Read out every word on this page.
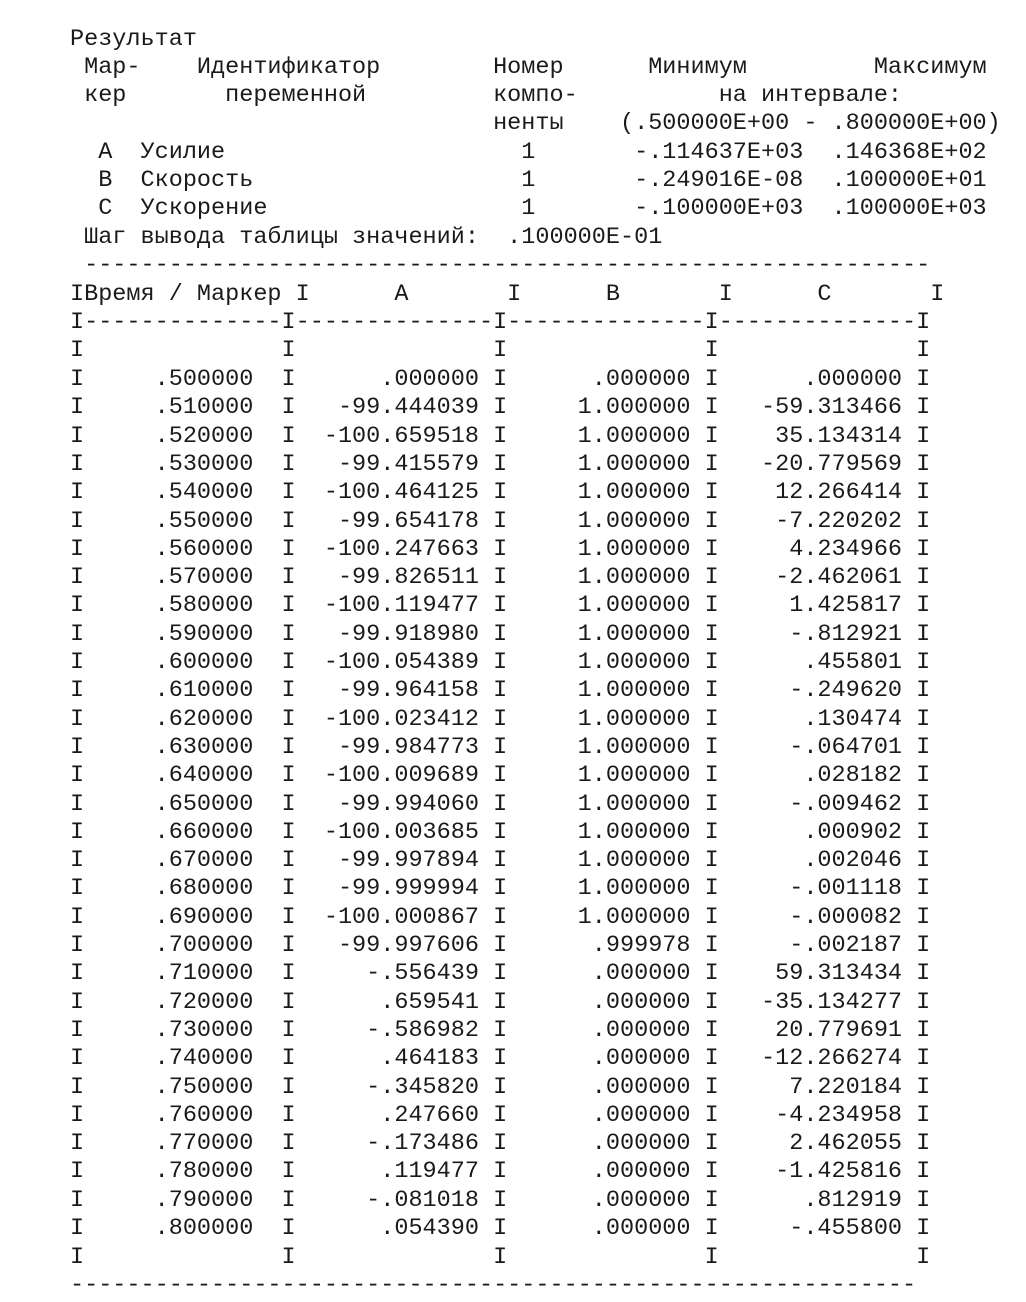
Результат
Мар-    Идентификатор        Номер      Минимум         Максимум
кер       переменной         компо-          на интервале:
ненты    (.500000E+00 - .800000E+00)
A  Усилие                     1       -.114637E+03  .146368E+02
B  Скорость                   1       -.249016E-08  .100000E+01
C  Ускорение                  1       -.100000E+03  .100000E+03
Шаг вывода таблицы значений:  .100000E-01
------------------------------------------------------------
IВремя / Маркер I      A       I      B       I      C       I
I--------------I--------------I--------------I--------------I
I              I              I              I              I
I     .500000  I      .000000 I      .000000 I      .000000 I
I     .510000  I   -99.444039 I     1.000000 I   -59.313466 I
I     .520000  I  -100.659518 I     1.000000 I    35.134314 I
I     .530000  I   -99.415579 I     1.000000 I   -20.779569 I
I     .540000  I  -100.464125 I     1.000000 I    12.266414 I
I     .550000  I   -99.654178 I     1.000000 I    -7.220202 I
I     .560000  I  -100.247663 I     1.000000 I     4.234966 I
I     .570000  I   -99.826511 I     1.000000 I    -2.462061 I
I     .580000  I  -100.119477 I     1.000000 I     1.425817 I
I     .590000  I   -99.918980 I     1.000000 I     -.812921 I
I     .600000  I  -100.054389 I     1.000000 I      .455801 I
I     .610000  I   -99.964158 I     1.000000 I     -.249620 I
I     .620000  I  -100.023412 I     1.000000 I      .130474 I
I     .630000  I   -99.984773 I     1.000000 I     -.064701 I
I     .640000  I  -100.009689 I     1.000000 I      .028182 I
I     .650000  I   -99.994060 I     1.000000 I     -.009462 I
I     .660000  I  -100.003685 I     1.000000 I      .000902 I
I     .670000  I   -99.997894 I     1.000000 I      .002046 I
I     .680000  I   -99.999994 I     1.000000 I     -.001118 I
I     .690000  I  -100.000867 I     1.000000 I     -.000082 I
I     .700000  I   -99.997606 I      .999978 I     -.002187 I
I     .710000  I     -.556439 I      .000000 I    59.313434 I
I     .720000  I      .659541 I      .000000 I   -35.134277 I
I     .730000  I     -.586982 I      .000000 I    20.779691 I
I     .740000  I      .464183 I      .000000 I   -12.266274 I
I     .750000  I     -.345820 I      .000000 I     7.220184 I
I     .760000  I      .247660 I      .000000 I    -4.234958 I
I     .770000  I     -.173486 I      .000000 I     2.462055 I
I     .780000  I      .119477 I      .000000 I    -1.425816 I
I     .790000  I     -.081018 I      .000000 I      .812919 I
I     .800000  I      .054390 I      .000000 I     -.455800 I
I              I              I              I              I
------------------------------------------------------------
